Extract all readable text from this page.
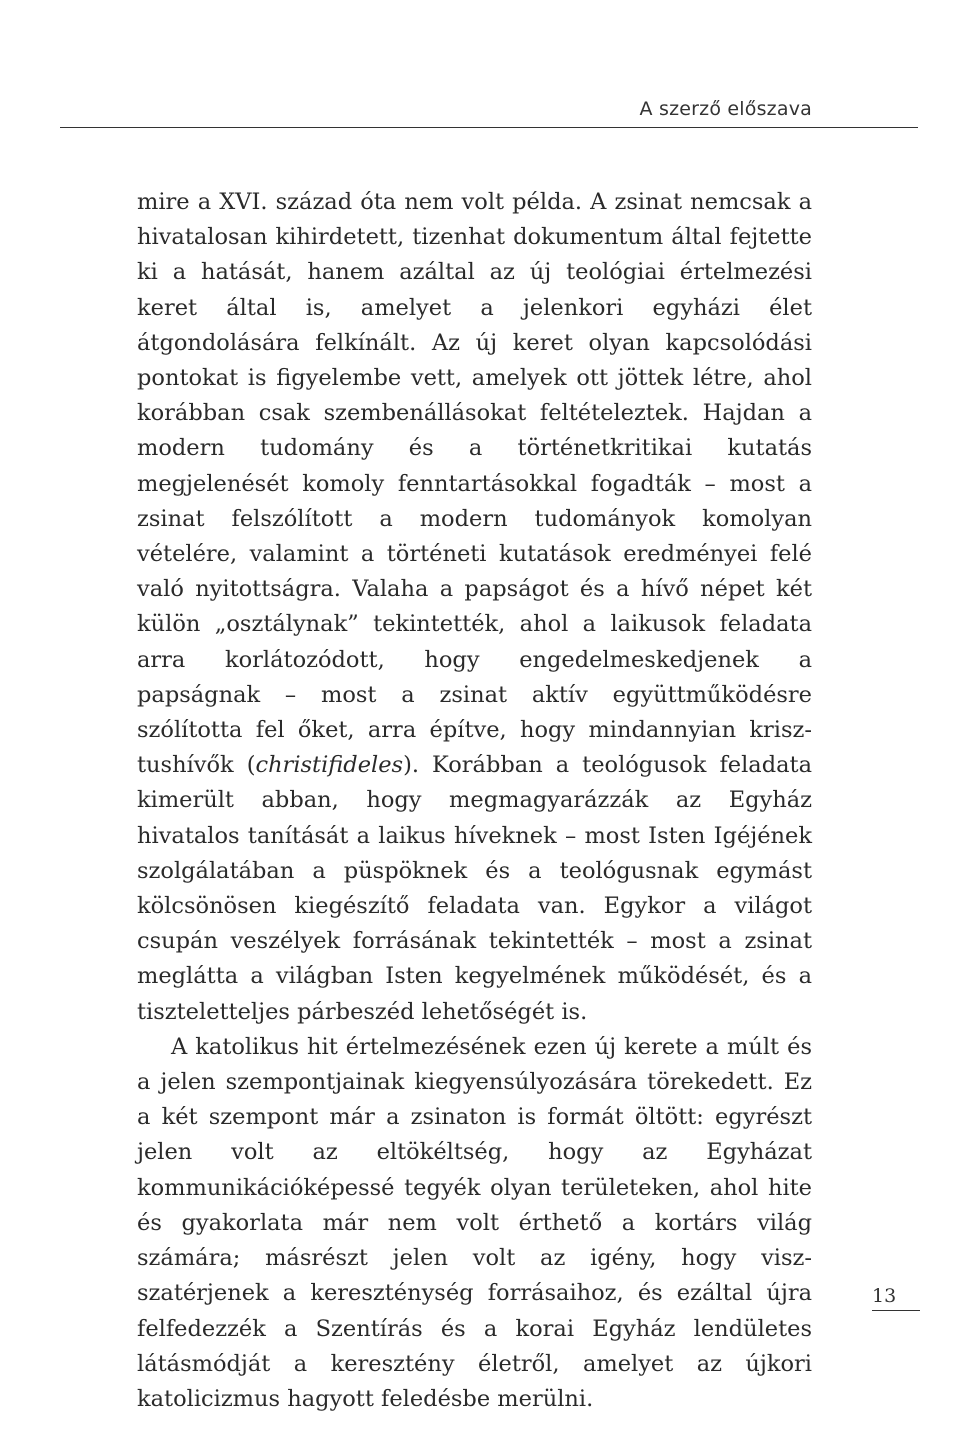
A szerző előszava

mire a XVI. század óta nem volt példa. A zsinat nemcsak a hivatalosan kihirdetett, tizenhat dokumentum által fejtette ki a hatását, hanem azáltal az új teológiai értelmezési keret által is, amelyet a jelenkori egyházi élet átgondolására felkínált. Az új keret olyan kapcsolódási pontokat is figyelembe vett, amelyek ott jöttek létre, ahol korábban csak szembenállásokat feltételeztek. Hajdan a modern tudomány és a történetkritikai kutatás megjelenését komoly fenntartásokkal fogadták – most a zsinat felszólított a modern tudományok komolyan vételére, valamint a történeti kutatások eredményei felé való nyitottságra. Valaha a papságot és a hívő népet két külön „osztálynak” tekintették, ahol a laikusok feladata arra korlátozódott, hogy engedelmeskedjenek a papságnak – most a zsinat aktív együttműködésre szólította fel őket, arra építve, hogy mindannyian krisztushívők (christifideles). Korábban a teológusok feladata kimerült abban, hogy megmagyarázzák az Egyház hivatalos tanítását a laikus híveknek – most Isten Igéjének szolgálatában a püspöknek és a teológusnak egymást kölcsönösen kiegészítő feladata van. Egykor a világot csupán veszélyek forrásának tekintették – most a zsinat meglátta a világban Isten kegyelmének működését, és a tiszteletteljes párbeszéd lehetőségét is.

A katolikus hit értelmezésének ezen új kerete a múlt és a jelen szempontjainak kiegyensúlyozására törekedett. Ez a két szempont már a zsinaton is formát öltött: egyrészt jelen volt az eltökéltség, hogy az Egyházat kommunikációképessé tegyék olyan területeken, ahol hite és gyakorlata már nem volt érthető a kortárs világ számára; másrészt jelen volt az igény, hogy viszszatérjenek a kereszténység forrásaihoz, és ezáltal újra felfedezzék a Szentírás és a korai Egyház lendületes látásmódját a keresztény életről, amelyet az újkori katolicizmus hagyott feledésbe merülni.

13
